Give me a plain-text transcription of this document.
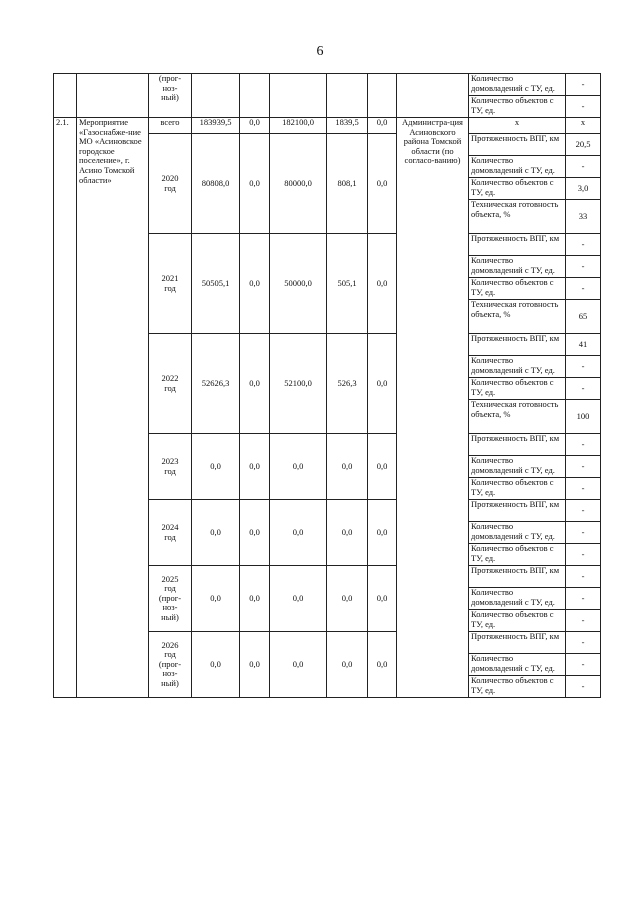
6
		(прог-
ноз-
ный)							Количество домовладений с ТУ, ед.	-
									Количество объектов с ТУ, ед.	-
2.1.	Мероприятие «Газоснабже-ние МО «Асиновское городское поселение», г. Асино Томской области»	всего	183939,5	0,0	182100,0	1839,5	0,0	Администра-ция Асиновского района Томской области (по согласо-ванию)	x	x
		2020
год	80808,0	0,0	80000,0	808,1	0,0		Протяженность ВПГ, км	20,5
									Количество домовладений с ТУ, ед.	-
									Количество объектов с ТУ, ед.	3,0
									Техническая готовность объекта, %	33
		2021
год	50505,1	0,0	50000,0	505,1	0,0		Протяженность ВПГ, км	-
									Количество домовладений с ТУ, ед.	-
									Количество объектов с ТУ, ед.	-
									Техническая готовность объекта, %	65
		2022
год	52626,3	0,0	52100,0	526,3	0,0		Протяженность ВПГ, км	41
									Количество домовладений с ТУ, ед.	-
									Количество объектов с ТУ, ед.	-
									Техническая готовность объекта, %	100
		2023
год	0,0	0,0	0,0	0,0	0,0		Протяженность ВПГ, км	-
									Количество домовладений с ТУ, ед.	-
									Количество объектов с ТУ, ед.	-
		2024
год	0,0	0,0	0,0	0,0	0,0		Протяженность ВПГ, км	-
									Количество домовладений с ТУ, ед.	-
									Количество объектов с ТУ, ед.	-
		2025
год
(прог-
ноз-
ный)	0,0	0,0	0,0	0,0	0,0		Протяженность ВПГ, км	-
									Количество домовладений с ТУ, ед.	-
									Количество объектов с ТУ, ед.	-
		2026
год
(прог-
ноз-
ный)	0,0	0,0	0,0	0,0	0,0		Протяженность ВПГ, км	-
									Количество домовладений с ТУ, ед.	-
									Количество объектов с ТУ, ед.	-
